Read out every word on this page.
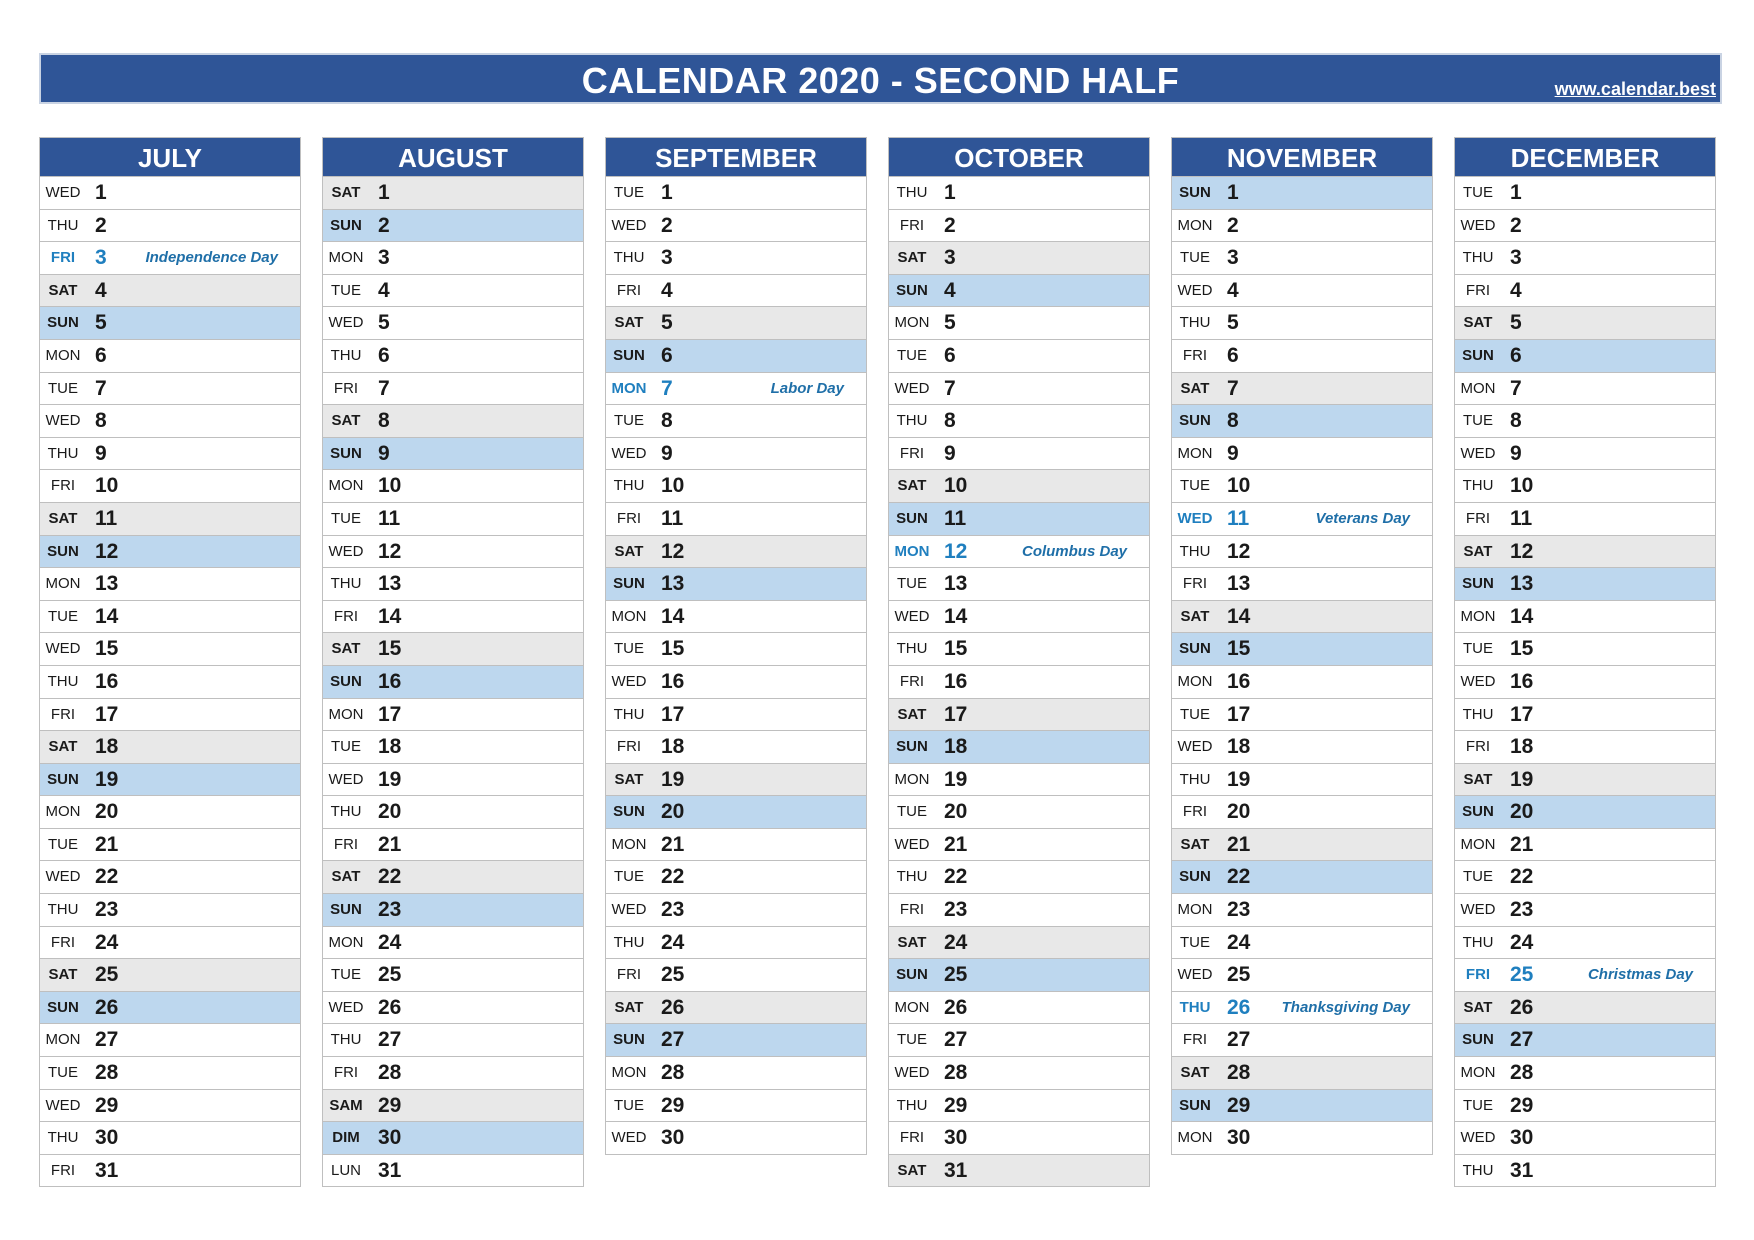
CALENDAR 2020 - SECOND HALF	www.calendar.best
JULY
WED 1
THU 2
FRI 3	Independence Day
SAT 4
SUN 5
MON 6
TUE 7
WED 8
THU 9
FRI 10
SAT 11
SUN 12
MON 13
TUE 14
WED 15
THU 16
FRI 17
SAT 18
SUN 19
MON 20
TUE 21
WED 22
THU 23
FRI 24
SAT 25
SUN 26
MON 27
TUE 28
WED 29
THU 30
FRI 31
AUGUST
SAT 1
SUN 2
MON 3
TUE 4
WED 5
THU 6
FRI 7
SAT 8
SUN 9
MON 10
TUE 11
WED 12
THU 13
FRI 14
SAT 15
SUN 16
MON 17
TUE 18
WED 19
THU 20
FRI 21
SAT 22
SUN 23
MON 24
TUE 25
WED 26
THU 27
FRI 28
SAM 29
DIM 30
LUN 31
SEPTEMBER
TUE 1
WED 2
THU 3
FRI 4
SAT 5
SUN 6
MON 7	Labor Day
TUE 8
WED 9
THU 10
FRI 11
SAT 12
SUN 13
MON 14
TUE 15
WED 16
THU 17
FRI 18
SAT 19
SUN 20
MON 21
TUE 22
WED 23
THU 24
FRI 25
SAT 26
SUN 27
MON 28
TUE 29
WED 30
OCTOBER
THU 1
FRI 2
SAT 3
SUN 4
MON 5
TUE 6
WED 7
THU 8
FRI 9
SAT 10
SUN 11
MON 12	Columbus Day
TUE 13
WED 14
THU 15
FRI 16
SAT 17
SUN 18
MON 19
TUE 20
WED 21
THU 22
FRI 23
SAT 24
SUN 25
MON 26
TUE 27
WED 28
THU 29
FRI 30
SAT 31
NOVEMBER
SUN 1
MON 2
TUE 3
WED 4
THU 5
FRI 6
SAT 7
SUN 8
MON 9
TUE 10
WED 11	Veterans Day
THU 12
FRI 13
SAT 14
SUN 15
MON 16
TUE 17
WED 18
THU 19
FRI 20
SAT 21
SUN 22
MON 23
TUE 24
WED 25
THU 26 Thanksgiving Day
FRI 27
SAT 28
SUN 29
MON 30
DECEMBER
TUE 1
WED 2
THU 3
FRI 4
SAT 5
SUN 6
MON 7
TUE 8
WED 9
THU 10
FRI 11
SAT 12
SUN 13
MON 14
TUE 15
WED 16
THU 17
FRI 18
SAT 19
SUN 20
MON 21
TUE 22
WED 23
THU 24
FRI 25	Christmas Day
SAT 26
SUN 27
MON 28
TUE 29
WED 30
THU 31
